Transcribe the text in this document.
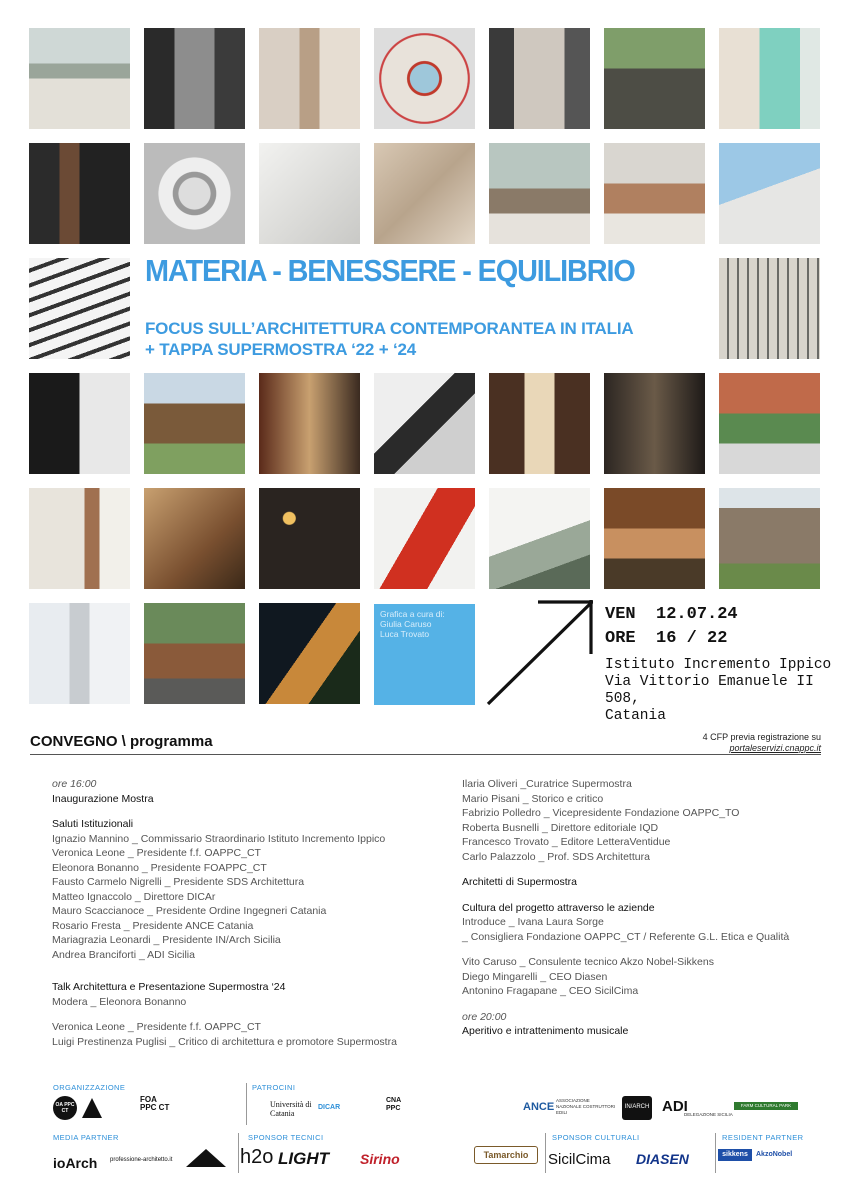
MATERIA - BENESSERE - EQUILIBRIO
FOCUS SULL’ARCHITETTURA CONTEMPORANTEA IN ITALIA
+ TAPPA SUPERMOSTRA ‘22 + ‘24
Grafica a cura di:
Giulia Caruso
Luca Trovato
VEN  12.07.24
ORE  16 / 22
Istituto Incremento Ippico
Via Vittorio Emanuele II 508,
Catania
CONVEGNO \ programma	4 CFP previa registrazione su
portaleservizi.cnappc.it
ore 16:00
Inaugurazione Mostra
Saluti Istituzionali
Ignazio Mannino _ Commissario Straordinario Istituto Incremento Ippico
Veronica Leone _ Presidente f.f. OAPPC_CT
Eleonora Bonanno _ Presidente FOAPPC_CT
Fausto Carmelo Nigrelli _ Presidente SDS Architettura
Matteo Ignaccolo _ Direttore DICAr
Mauro Scaccianoce _ Presidente Ordine Ingegneri Catania
Rosario Fresta _ Presidente ANCE Catania
Mariagrazia Leonardi _ Presidente IN/Arch Sicilia
Andrea Branciforti _ ADI Sicilia
Talk Architettura e Presentazione Supermostra ‘24
Modera _ Eleonora Bonanno
Veronica Leone _ Presidente f.f. OAPPC_CT
Luigi Prestinenza Puglisi _ Critico di architettura e promotore Supermostra
Ilaria Oliveri _Curatrice Supermostra
Mario Pisani _ Storico e critico
Fabrizio Polledro _ Vicepresidente Fondazione OAPPC_TO
Roberta Busnelli _ Direttore editoriale IQD
Francesco Trovato _ Editore LetteraVentidue
Carlo Palazzolo _ Prof. SDS Architettura
Architetti di Supermostra
Cultura del progetto attraverso le aziende
Introduce _ Ivana Laura Sorge
_ Consigliera Fondazione OAPPC_CT / Referente G.L. Etica e Qualità
Vito Caruso _ Consulente tecnico Akzo Nobel-Sikkens
Diego Mingarelli _ CEO Diasen
Antonino Fragapane _ CEO SicilCima
ore 20:00
Aperitivo e intrattenimento musicale
ORGANIZZAZIONE	PATROCINI
OA PPC CT
FOA PPC CT	Università di Catania
DICAR
CNA PPC	ANCE
ASSOCIAZIONE NAZIONALE COSTRUTTORI EDILI
IN/ARCH ADI
DELEGAZIONE SICILIA
FARM CULTURAL PARK
MEDIA PARTNER	SPONSOR TECNICI	SPONSOR CULTURALI	RESIDENT PARTNER
ioArch professione-architetto.it	h2o LIGHT Sirino	Tamarchio	SicilCima DIASEN	sikkens	AkzoNobel
